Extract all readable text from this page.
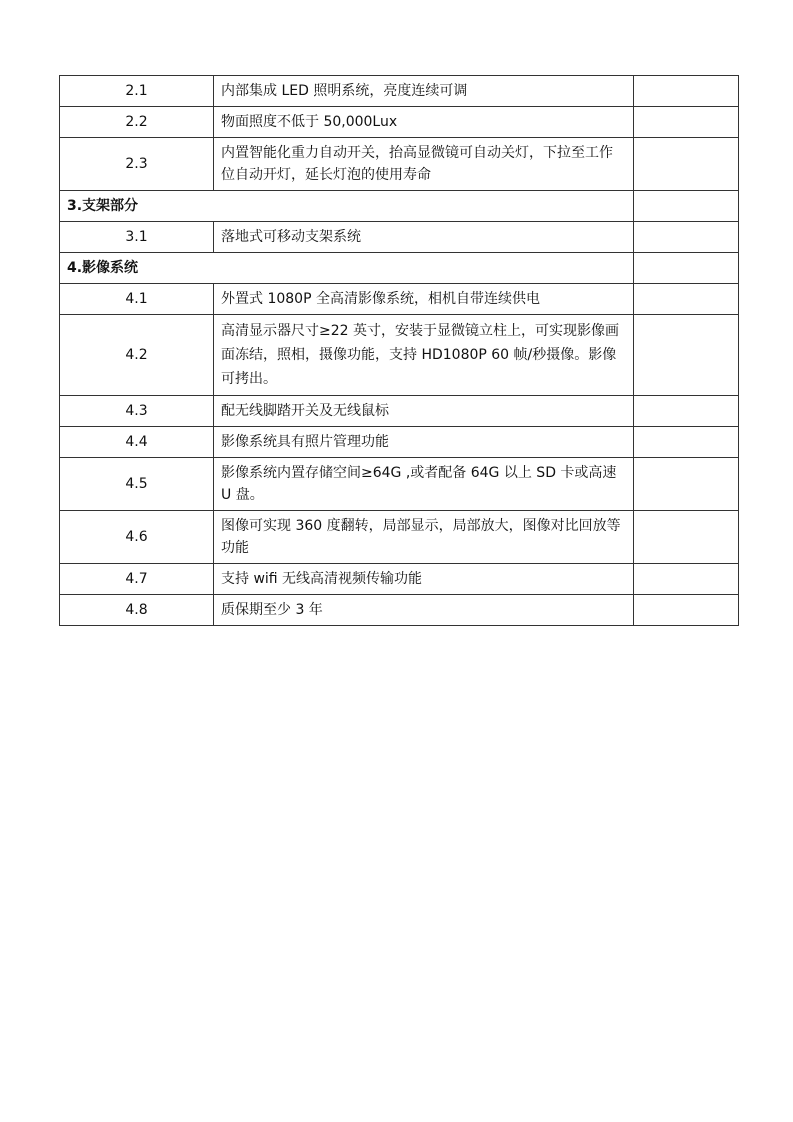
2.1	内部集成 LED 照明系统，亮度连续可调	
2.2	物面照度不低于 50,000Lux	
2.3	内置智能化重力自动开关，抬高显微镜可自动关灯，下拉至工作位自动开灯，延长灯泡的使用寿命	
3.支架部分		
3.1	落地式可移动支架系统	
4.影像系统		
4.1	外置式 1080P 全高清影像系统，相机自带连续供电	
4.2	高清显示器尺寸≥22 英寸，安装于显微镜立柱上，可实现影像画面冻结，照相，摄像功能，支持 HD1080P 60 帧/秒摄像。影像可拷出。	
4.3	配无线脚踏开关及无线鼠标	
4.4	影像系统具有照片管理功能	
4.5	影像系统内置存储空间≥64G ,或者配备 64G 以上 SD 卡或高速 U 盘。	
4.6	图像可实现 360 度翻转，局部显示，局部放大，图像对比回放等功能	
4.7	支持 wifi 无线高清视频传输功能	
4.8	质保期至少 3 年	
